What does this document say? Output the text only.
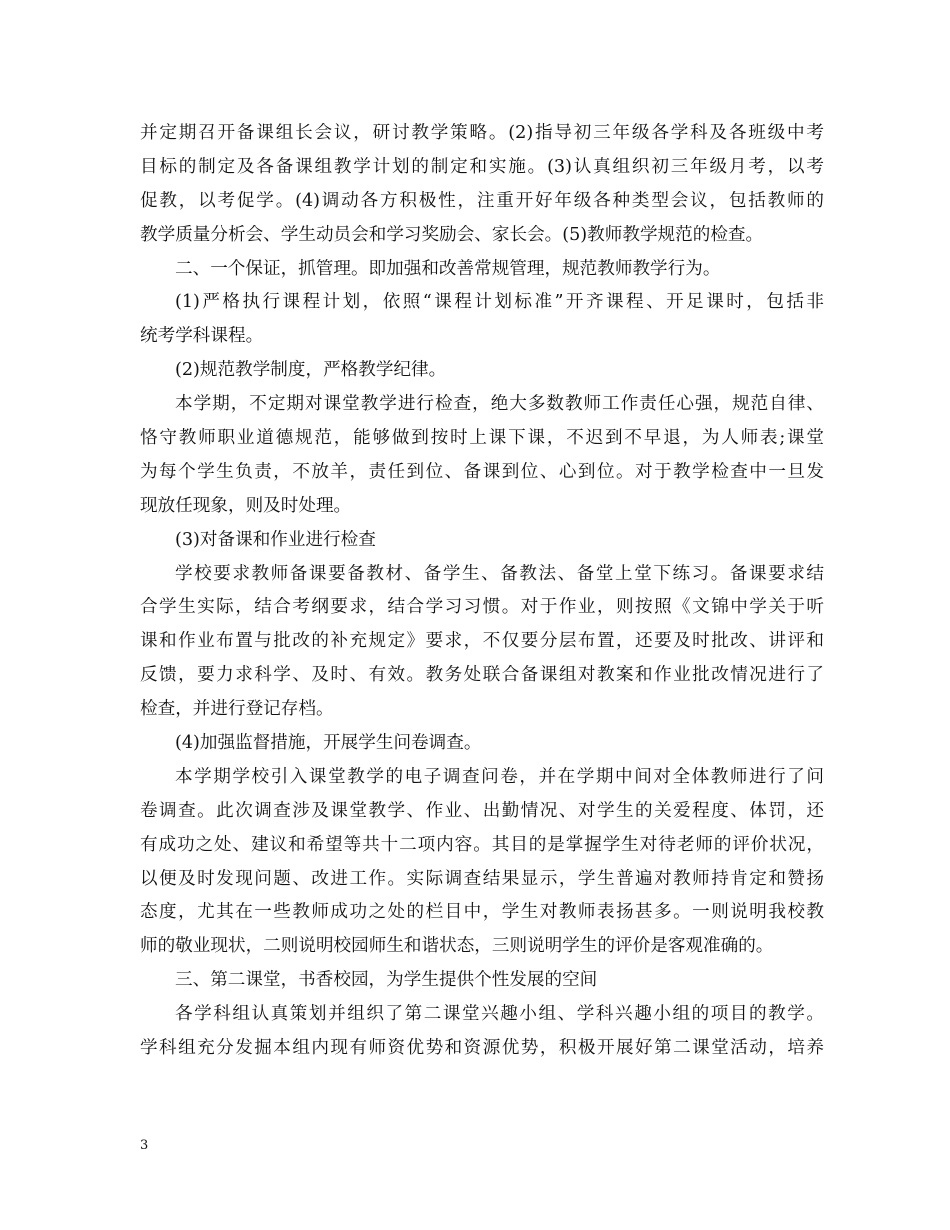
并定期召开备课组长会议，研讨教学策略。(2)指导初三年级各学科及各班级中考
目标的制定及各备课组教学计划的制定和实施。(3)认真组织初三年级月考，以考
促教，以考促学。(4)调动各方积极性，注重开好年级各种类型会议，包括教师的
教学质量分析会、学生动员会和学习奖励会、家长会。(5)教师教学规范的检查。
二、一个保证，抓管理。即加强和改善常规管理，规范教师教学行为。
(1)严格执行课程计划，依照“课程计划标准”开齐课程、开足课时，包括非
统考学科课程。
(2)规范教学制度，严格教学纪律。
本学期，不定期对课堂教学进行检查，绝大多数教师工作责任心强，规范自律、
恪守教师职业道德规范，能够做到按时上课下课，不迟到不早退，为人师表;课堂
为每个学生负责，不放羊，责任到位、备课到位、心到位。对于教学检查中一旦发
现放任现象，则及时处理。
(3)对备课和作业进行检查
学校要求教师备课要备教材、备学生、备教法、备堂上堂下练习。备课要求结
合学生实际，结合考纲要求，结合学习习惯。对于作业，则按照《文锦中学关于听
课和作业布置与批改的补充规定》要求，不仅要分层布置，还要及时批改、讲评和
反馈，要力求科学、及时、有效。教务处联合备课组对教案和作业批改情况进行了
检查，并进行登记存档。
(4)加强监督措施，开展学生问卷调查。
本学期学校引入课堂教学的电子调查问卷，并在学期中间对全体教师进行了问
卷调查。此次调查涉及课堂教学、作业、出勤情况、对学生的关爱程度、体罚，还
有成功之处、建议和希望等共十二项内容。其目的是掌握学生对待老师的评价状况，
以便及时发现问题、改进工作。实际调查结果显示，学生普遍对教师持肯定和赞扬
态度，尤其在一些教师成功之处的栏目中，学生对教师表扬甚多。一则说明我校教
师的敬业现状，二则说明校园师生和谐状态，三则说明学生的评价是客观准确的。
三、第二课堂，书香校园，为学生提供个性发展的空间
各学科组认真策划并组织了第二课堂兴趣小组、学科兴趣小组的项目的教学。
学科组充分发掘本组内现有师资优势和资源优势，积极开展好第二课堂活动，培养
3
